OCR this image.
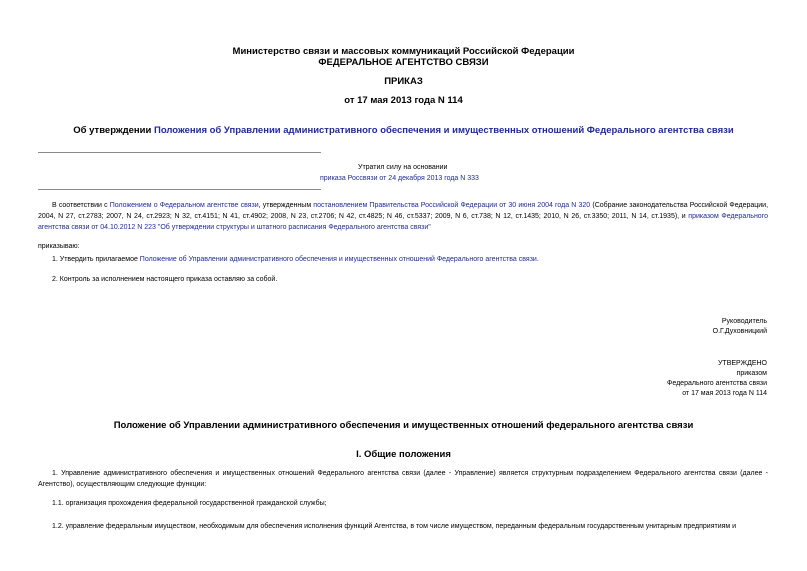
Министерство связи и массовых коммуникаций Российской Федерации
ФЕДЕРАЛЬНОЕ АГЕНТСТВО СВЯЗИ
ПРИКАЗ
от 17 мая 2013 года N 114
Об утверждении Положения об Управлении административного обеспечения и имущественных отношений Федерального агентства связи
Утратил силу на основании
приказа Россвязи от 24 декабря 2013 года N 333
В соответствии с Положением о Федеральном агентстве связи, утвержденным постановлением Правительства Российской Федерации от 30 июня 2004 года N 320 (Собрание законодательства Российской Федерации, 2004, N 27, ст.2783; 2007, N 24, ст.2923; N 32, ст.4151; N 41, ст.4902; 2008, N 23, ст.2706; N 42, ст.4825; N 46, ст.5337; 2009, N 6, ст.738; N 12, ст.1435; 2010, N 26, ст.3350; 2011, N 14, ст.1935), и приказом Федерального агентства связи от 04.10.2012 N 223 "Об утверждении структуры и штатного расписания Федерального агентства связи"
приказываю:
1. Утвердить прилагаемое Положение об Управлении административного обеспечения и имущественных отношений Федерального агентства связи.
2. Контроль за исполнением настоящего приказа оставляю за собой.
Руководитель
О.Г.Духовницкий
УТВЕРЖДЕНО
приказом
Федерального агентства связи
от 17 мая 2013 года N 114
Положение об Управлении административного обеспечения и имущественных отношений федерального агентства связи
I. Общие положения
1. Управление административного обеспечения и имущественных отношений Федерального агентства связи (далее - Управление) является структурным подразделением Федерального агентства связи (далее - Агентство), осуществляющим следующие функции:
1.1. организация прохождения федеральной государственной гражданской службы;
1.2. управление федеральным имуществом, необходимым для обеспечения исполнения функций Агентства, в том числе имуществом, переданным федеральным государственным унитарным предприятиям и
